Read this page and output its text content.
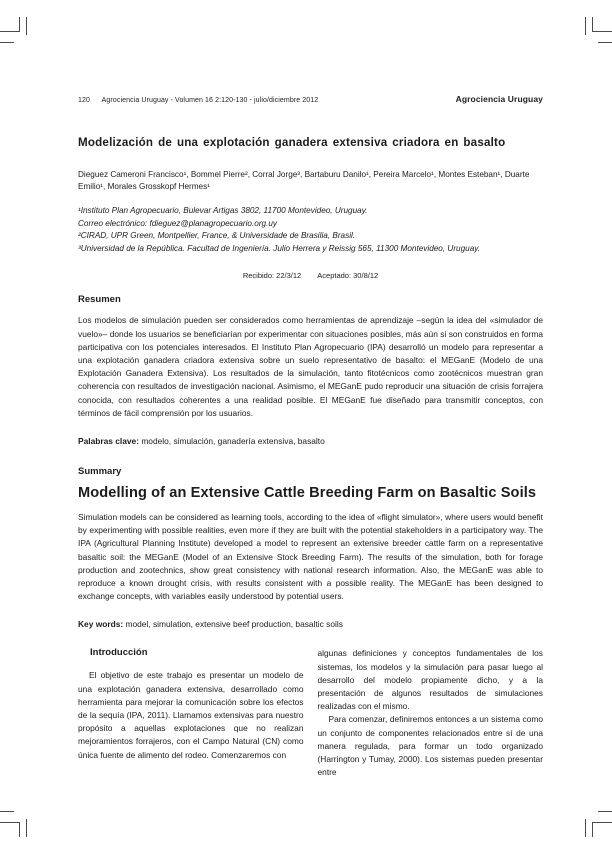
120 Agrociencia Uruguay - Volumen 16 2:120-130 - julio/diciembre 2012	Agrociencia Uruguay
Modelización de una explotación ganadera extensiva criadora en basalto

Dieguez Cameroni Francisco¹, Bommel Pierre², Corral Jorge³, Bartaburu Danilo¹, Pereira Marcelo¹, Montes Esteban¹, Duarte Emilio¹, Morales Grosskopf Hermes¹

¹Instituto Plan Agropecuario, Bulevar Artigas 3802, 11700 Montevideo, Uruguay.

Correo electrónico: fdieguez@planagropecuario.org.uy

²CIRAD, UPR Green, Montpellier, France, & Universidade de Brasilia, Brasil.

³Universidad de la República. Facultad de Ingeniería. Julio Herrera y Reissig 565, 11300 Montevideo, Uruguay.

Recibido: 22/3/12 Aceptado: 30/8/12

Resumen

Los modelos de simulación pueden ser considerados como herramientas de aprendizaje –según la idea del «simulador de vuelo»– donde los usuarios se beneficiarían por experimentar con situaciones posibles, más aún si son construidos en forma participativa con los potenciales interesados. El Instituto Plan Agropecuario (IPA) desarrolló un modelo para representar a una explotación ganadera criadora extensiva sobre un suelo representativo de basalto: el MEGanE (Modelo de una Explotación Ganadera Extensiva). Los resultados de la simulación, tanto fitotécnicos como zootécnicos muestran gran coherencia con resultados de investigación nacional. Asimismo, el MEGanE pudo reproducir una situación de crisis forrajera conocida, con resultados coherentes a una realidad posible. El MEGanE fue diseñado para transmitir conceptos, con términos de fácil comprensión por los usuarios.

Palabras clave: modelo, simulación, ganadería extensiva, basalto

Summary
Modelling of an Extensive Cattle Breeding Farm on Basaltic Soils

Simulation models can be considered as learning tools, according to the idea of «flight simulator», where users would benefit by experimenting with possible realities, even more if they are built with the potential stakeholders in a participatory way. The IPA (Agricultural Planning Institute) developed a model to represent an extensive breeder cattle farm on a representative basaltic soil: the MEGanE (Model of an Extensive Stock Breeding Farm). The results of the simulation, both for forage production and zootechnics, show great consistency with national research information. Also, the MEGanE was able to reproduce a known drought crisis, with results consistent with a possible reality. The MEGanE has been designed to exchange concepts, with variables easily understood by potential users.

Key words: model, simulation, extensive beef production, basaltic soils

Introducción

El objetivo de este trabajo es presentar un modelo de una explotación ganadera extensiva, desarrollado como herramienta para mejorar la comunicación sobre los efectos de la sequía (IPA, 2011). Llamamos extensivas para nuestro propósito a aquellas explotaciones que no realizan mejoramientos forrajeros, con el Campo Natural (CN) como única fuente de alimento del rodeo. Comenzaremos con

algunas definiciones y conceptos fundamentales de los sistemas, los modelos y la simulación para pasar luego al desarrollo del modelo propiamente dicho, y a la presentación de algunos resultados de simulaciones realizadas con el mismo.

Para comenzar, definiremos entonces a un sistema como un conjunto de componentes relacionados entre sí de una manera regulada, para formar un todo organizado (Harrington y Tumay, 2000). Los sistemas pueden presentar entre
